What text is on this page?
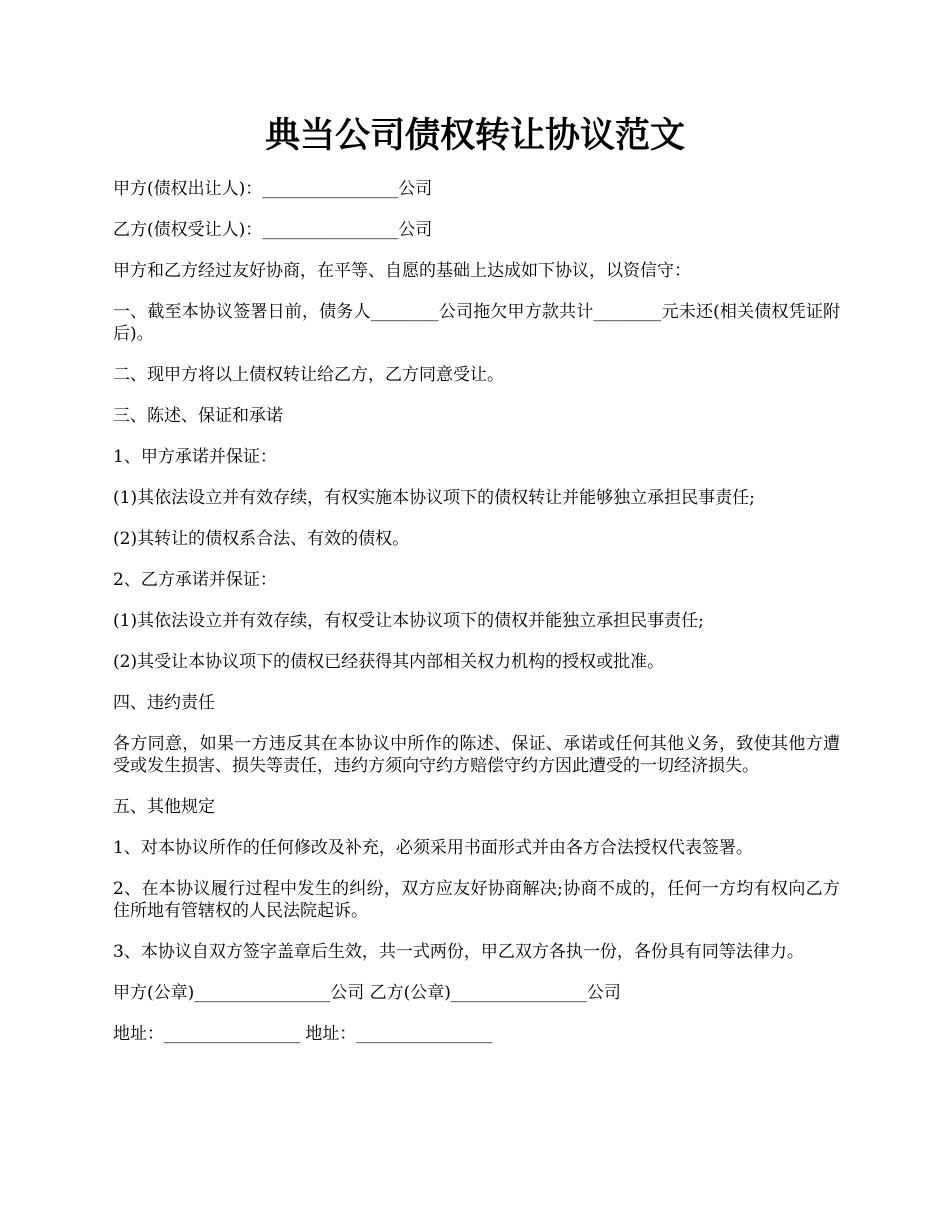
典当公司债权转让协议范文

甲方(债权出让人)：________________公司

乙方(债权受让人)：________________公司

甲方和乙方经过友好协商，在平等、自愿的基础上达成如下协议，以资信守：

一、截至本协议签署日前，债务人________公司拖欠甲方款共计________元未还(相关债权凭证附后)。

二、现甲方将以上债权转让给乙方，乙方同意受让。

三、陈述、保证和承诺

1、甲方承诺并保证：

(1)其依法设立并有效存续，有权实施本协议项下的债权转让并能够独立承担民事责任;

(2)其转让的债权系合法、有效的债权。

2、乙方承诺并保证：

(1)其依法设立并有效存续，有权受让本协议项下的债权并能独立承担民事责任;

(2)其受让本协议项下的债权已经获得其内部相关权力机构的授权或批准。

四、违约责任

各方同意，如果一方违反其在本协议中所作的陈述、保证、承诺或任何其他义务，致使其他方遭受或发生损害、损失等责任，违约方须向守约方赔偿守约方因此遭受的一切经济损失。

五、其他规定

1、对本协议所作的任何修改及补充，必须采用书面形式并由各方合法授权代表签署。

2、在本协议履行过程中发生的纠纷，双方应友好协商解决;协商不成的，任何一方均有权向乙方住所地有管辖权的人民法院起诉。

3、本协议自双方签字盖章后生效，共一式两份，甲乙双方各执一份，各份具有同等法律力。

甲方(公章)________________公司 乙方(公章)________________公司

地址：________________ 地址：________________
